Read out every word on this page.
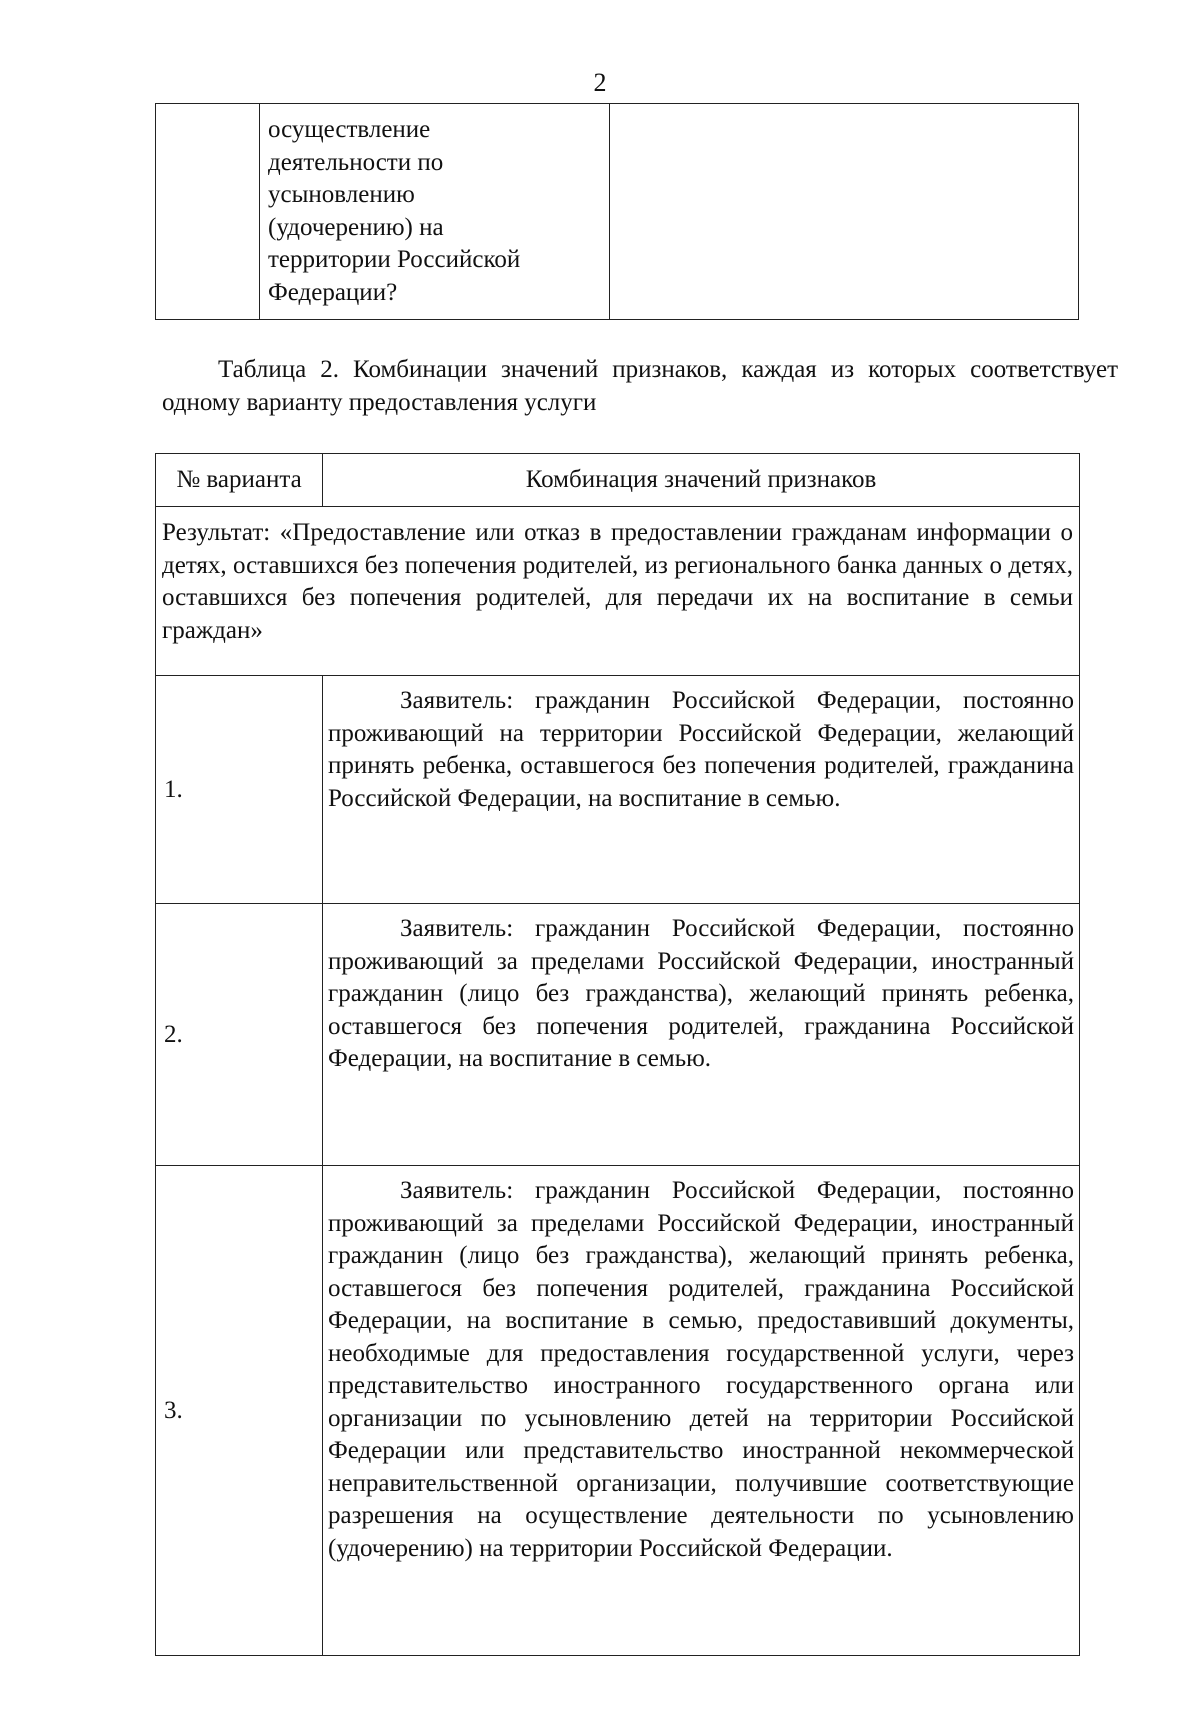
2

осуществление
деятельности по
усыновлению
(удочерению) на
территории Российской
Федерации?

Таблица 2. Комбинации значений признаков, каждая из которых соответствует одному варианту предоставления услуги
№ варианта	Комбинация значений признаков
Результат: «Предоставление или отказ в предоставлении гражданам информации о детях, оставшихся без попечения родителей, из регионального банка данных о детях, оставшихся без попечения родителей, для передачи их на воспитание в семьи граждан»	
1.	Заявитель: гражданин Российской Федерации, постоянно проживающий на территории Российской Федерации, желающий принять ребенка, оставшегося без попечения родителей, гражданина Российской Федерации, на воспитание в семью.
2.	Заявитель: гражданин Российской Федерации, постоянно проживающий за пределами Российской Федерации, иностранный гражданин (лицо без гражданства), желающий принять ребенка, оставшегося без попечения родителей, гражданина Российской Федерации, на воспитание в семью.
3.	Заявитель: гражданин Российской Федерации, постоянно проживающий за пределами Российской Федерации, иностранный гражданин (лицо без гражданства), желающий принять ребенка, оставшегося без попечения родителей, гражданина Российской Федерации, на воспитание в семью, предоставивший документы, необходимые для предоставления государственной услуги, через представительство иностранного государственного органа или организации по усыновлению детей на территории Российской Федерации или представительство иностранной некоммерческой неправительственной организации, получившие соответствующие разрешения на осуществление деятельности по усыновлению (удочерению) на территории Российской Федерации.
